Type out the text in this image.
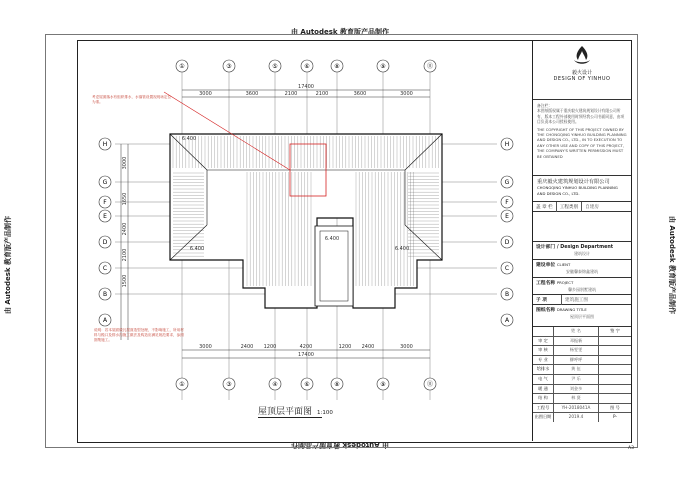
由 Autodesk 教育版产品制作
由 Autodesk 教育版产品制作
由 Autodesk 教育版产品制作	由 Autodesk 教育版产品制作
①	③	⑤	⑥	⑧	⑨	⑪
①	③	④	⑥	⑧	⑨	⑪
H	H
G	G
F	F
E	E
D	D
C	C
B	B
A	A
17400
3000	3600	2100	2100	3600	3000
3000	2400 1200	4200	1200 2400	3000
17400
3000
1650
2400
2100
1500
6.400
6.400
6.400
6.400
考虑屋面落水有组织排水，水落管设置视现场定位为准。
说明：若本屋面做瓦屋面造型处理，不影响施工，所用材料与檐口及排水沟施工做法及构造应满足规范要求，参照图集施工。
屋顶层平面图 1:100
毅火设计
DESIGN OF YINHUO
备注栏：
本图纸版权属于重庆毅火建筑规划设计有限公司所有，版本工程外部使用时须经我公司书面同意，由项目负责本公司授权使用。
THE COPYRIGHT OF THIS PROJECT OWNED BY THE CHONGQING YINHUO BUILDING PLANNING AND DESIGN CO., LTD., IN TO EXECUTION TO ANY OTHER USE AND COPY OF THIS PROJECT, THE COMPANY'S WRITTEN PERMISSION MUST BE OBTAINED
重庆毅火建筑规划设计有限公司
CHONGQING YINHUO BUILDING PLANNING AND DESIGN CO., LTD.
盖 章 栏	工程类别	自建房
设计部门 / Design Department
建筑设计
建设单位 CLIENT
安徽馨泰锦鑫建筑
工程名称 PROJECT
馨乡园别墅建筑
子 项	建筑施工图
图纸名称 DRAWING TITLE
屋顶层平面图
姓 名	签 字
审 定	邓振新
审 核	杨雯雯
专 业	柳呼呼
给排水	黄 伍
电 气	尹 乐
暖 通	刘金多
结 构	林 贤
工程号	YH-2018041A	图 号
出图日期	2019.4	P-
A3
